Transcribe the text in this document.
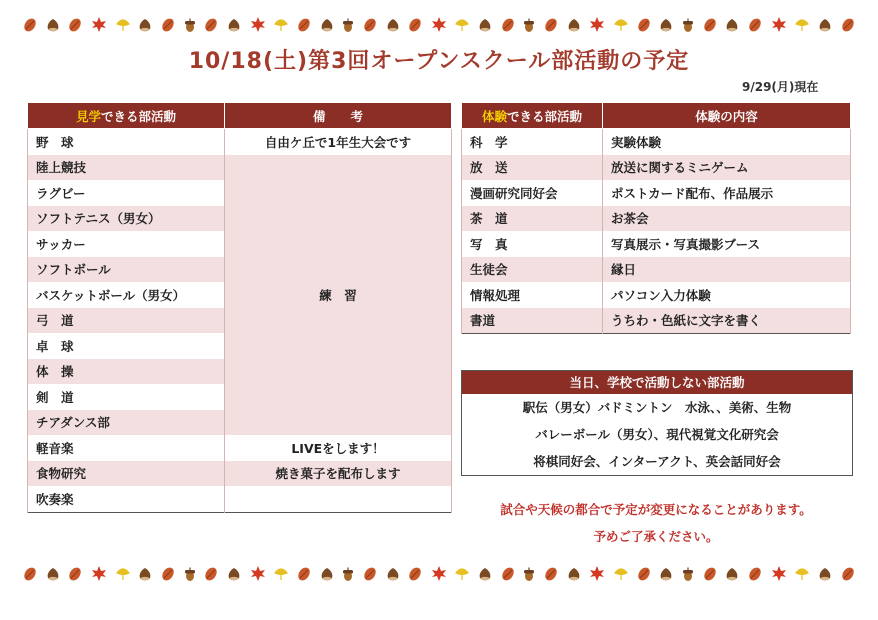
10/18(土)第3回オープンスクール部活動の予定
9/29(月)現在
見学できる部活動	備　　考
野　球	自由ケ丘で1年生大会です
陸上競技	練　習
ラグビー	
ソフトテニス（男女）	
サッカー	
ソフトボール	
バスケットボール（男女）	
弓　道	
卓　球	
体　操	
剣　道	
チアダンス部	
軽音楽	LIVEをします！
食物研究	焼き菓子を配布します
吹奏楽	
体験できる部活動	体験の内容
科　学	実験体験
放　送	放送に関するミニゲーム
漫画研究同好会	ポストカード配布、作品展示
茶　道	お茶会
写　真	写真展示・写真撮影ブース
生徒会	縁日
情報処理	パソコン入力体験
書道	うちわ・色紙に文字を書く
当日、学校で活動しない部活動
駅伝（男女）バドミントン　水泳、、美術、生物
バレーボール（男女）、現代視覚文化研究会
将棋同好会、インターアクト、英会話同好会
試合や天候の都合で予定が変更になることがあります。
予めご了承ください。
